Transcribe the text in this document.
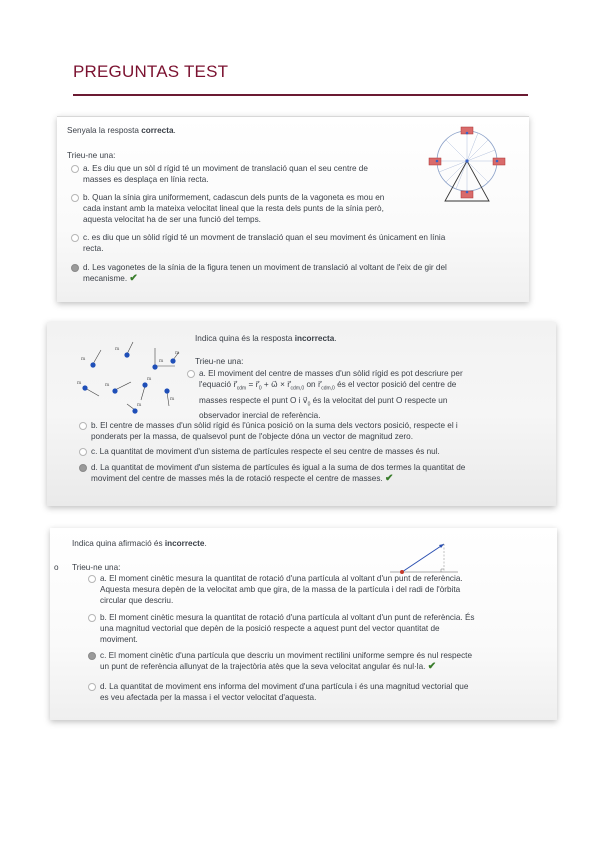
PREGUNTAS TEST
Senyala la resposta correcta.
Trieu-ne una:
a. Es diu que un sòl d rígid té un moviment de translació quan el seu centre de
masses es desplaça en línia recta.
b. Quan la sínia gira uniformement, cadascun dels punts de la vagoneta es mou en
cada instant amb la mateixa velocitat lineal que la resta dels punts de la sínia però,
aquesta velocitat ha de ser una funció del temps.
c. es diu que un sòlid rígid té un movment de translació quan el seu moviment és únicament en línia
recta.
d. Les vagonetes de la sínia de la figura tenen un moviment de translació al voltant de l'eix de gir del
mecanisme. ✔
m
m
m
m
m
m
m
m
m
Indica quina és la resposta incorrecta.
Trieu-ne una:
a. El moviment del centre de masses d'un sòlid rígid es pot descriure per
l'equació $r⃗_{cdm}$ = $r⃗_0$ + ω⃗ × $r⃗_{cdm,0}$ on $r⃗_{cdm,0}$ és el vector posició del centre de
masses respecte el punt O i $v⃗_0$ és la velocitat del punt O respecte un
observador inercial de referència.
b. El centre de masses d'un sòlid rígid és l'única posició on la suma dels vectors posició, respecte el i
ponderats per la massa, de qualsevol punt de l'objecte dóna un vector de magnitud zero.
c. La quantitat de moviment d'un sistema de partícules respecte el seu centre de masses és nul.
d. La quantitat de moviment d'un sistema de partícules és igual a la suma de dos termes la quantitat de
moviment del centre de masses més la de rotació respecte el centre de masses. ✔
Indica quina afirmació és incorrecte.
o Trieu-ne una:
a. El moment cinètic mesura la quantitat de rotació d'una partícula al voltant d'un punt de referència.
Aquesta mesura depèn de la velocitat amb que gira, de la massa de la partícula i del radi de l'òrbita
circular que descriu.
b. El moment cinètic mesura la quantitat de rotació d'una partícula al voltant d'un punt de referència. És
una magnitud vectorial que depèn de la posició respecte a aquest punt del vector quantitat de
moviment.
c. El moment cinètic d'una partícula que descriu un moviment rectilini uniforme sempre és nul respecte
un punt de referència allunyat de la trajectòria atès que la seva velocitat angular és nul·la. ✔
d. La quantitat de moviment ens informa del moviment d'una partícula i és una magnitud vectorial que
es veu afectada per la massa i el vector velocitat d'aquesta.
